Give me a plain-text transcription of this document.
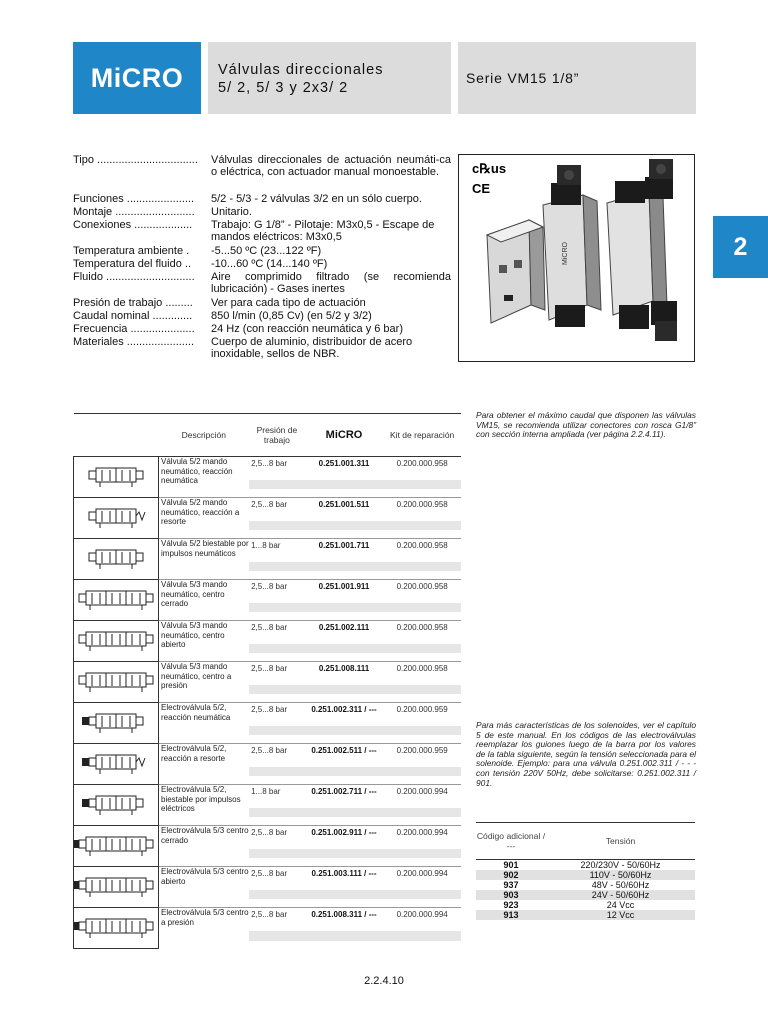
MiCRO	Válvulas direccionales
5/ 2, 5/ 3 y 2x3/ 2
Serie VM15 1/8”
2
Tipo .................................	Válvulas direccionales de actuación neumáti-ca o eléctrica, con actuador manual monoestable.
Funciones ......................	5/2 - 5/3 - 2 válvulas 3/2 en un sólo cuerpo.
Montaje ..........................	Unitario.
Conexiones ...................	Trabajo: G 1/8” - Pilotaje: M3x0,5 - Escape de mandos eléctricos: M3x0,5
Temperatura ambiente .	-5...50 ºC (23...122 ºF)
Temperatura del fluido ..	-10...60 ºC (14...140 ºF)
Fluido .............................	Aire comprimido filtrado (se recomienda lubricación) - Gases inertes
Presión de trabajo .........	Ver para cada tipo de actuación
Caudal nominal .............	850 l/min (0,85 Cv) (en 5/2 y 3/2)
Frecuencia .....................	24 Hz (con reacción neumática y 6 bar)
Materiales ......................	Cuerpo de aluminio, distribuidor de acero inoxidable, sellos de NBR.
c℞us
CE
MiCRO
	Descripción	Presión de trabajo	MiCRO	Kit de reparación
	Válvula 5/2 mando neumático, reacción neumática	2,5...8 bar	0.251.001.311	0.200.000.958

	Válvula 5/2 mando neumático, reacción a resorte	2,5...8 bar	0.251.001.511	0.200.000.958

	Válvula 5/2 biestable por impulsos neumáticos	1...8 bar	0.251.001.711	0.200.000.958

	Válvula 5/3 mando neumático, centro cerrado	2,5...8 bar	0.251.001.911	0.200.000.958

	Válvula 5/3 mando neumático, centro abierto	2,5...8 bar	0.251.002.111	0.200.000.958

	Válvula 5/3 mando neumático, centro a presión	2,5...8 bar	0.251.008.111	0.200.000.958

	Electroválvula 5/2, reacción neumática	2,5...8 bar	0.251.002.311 / ---	0.200.000.959

	Electroválvula 5/2, reacción a resorte	2,5...8 bar	0.251.002.511 / ---	0.200.000.959

	Electroválvula 5/2, biestable por impulsos eléctricos	1...8 bar	0.251.002.711 / ---	0.200.000.994

	Electroválvula 5/3 centro cerrado	2,5...8 bar	0.251.002.911 / ---	0.200.000.994

	Electroválvula 5/3 centro abierto	2,5...8 bar	0.251.003.111 / ---	0.200.000.994

	Electroválvula 5/3 centro a presión	2,5...8 bar	0.251.008.311 / ---	0.200.000.994

Para obtener el máximo caudal que disponen las válvulas VM15, se recomienda utilizar conectores con rosca G1/8” con sección interna ampliada (ver página 2.2.4.11).
Para más características de los solenoides, ver el capítulo 5 de este manual. En los códigos de las electroválvulas reemplazar los guiones luego de la barra por los valores de la tabla siguiente, según la tensión seleccionada para el solenoide. Ejemplo: para una válvula 0.251.002.311 / - - - con tensión 220V 50Hz, debe solicitarse: 0.251.002.311 / 901.
Código adicional / ---	Tensión
901	220/230V - 50/60Hz
902	110V - 50/60Hz
937	48V - 50/60Hz
903	24V - 50/60Hz
923	24 Vcc
913	12 Vcc
2.2.4.10
